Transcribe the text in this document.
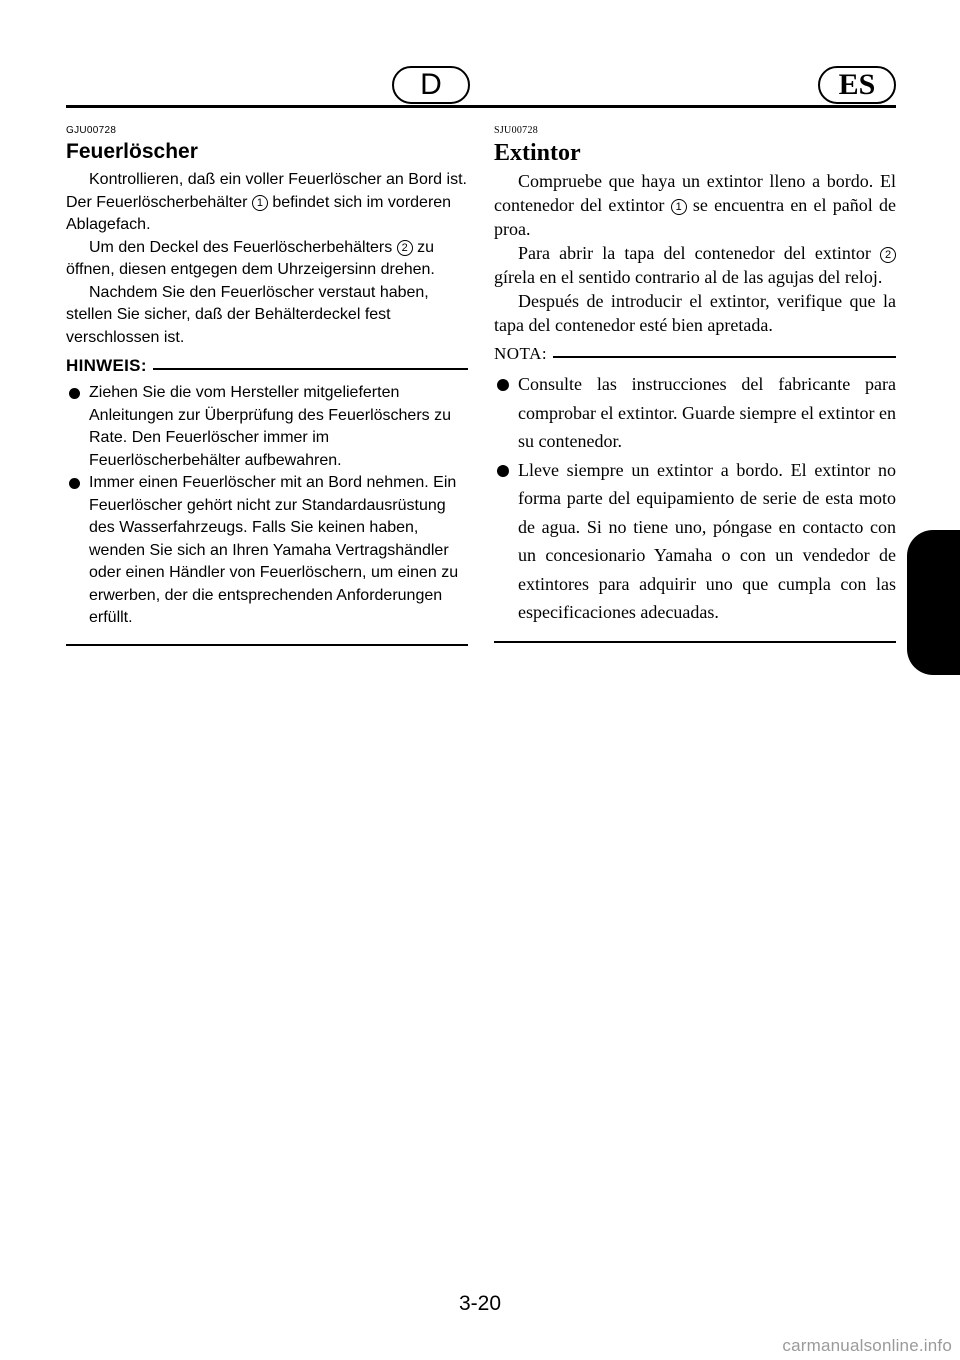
D	ES
GJU00728
Feuerlöscher

Kontrollieren, daß ein voller Feuerlöscher an Bord ist. Der Feuerlöscherbehälter 1 befindet sich im vorderen Ablagefach.

Um den Deckel des Feuerlöscherbehälters 2 zu öffnen, diesen entgegen dem Uhrzeigersinn drehen.

Nachdem Sie den Feuerlöscher verstaut haben, stellen Sie sicher, daß der Behälterdeckel fest verschlossen ist.

HINWEIS:
Ziehen Sie die vom Hersteller mitgelieferten Anleitungen zur Überprüfung des Feuerlöschers zu Rate. Den Feuerlöscher immer im Feuerlöscherbehälter aufbewahren.
Immer einen Feuerlöscher mit an Bord nehmen. Ein Feuerlöscher gehört nicht zur Standardausrüstung des Wasserfahrzeugs. Falls Sie keinen haben, wenden Sie sich an Ihren Yamaha Vertragshändler oder einen Händler von Feuerlöschern, um einen zu erwerben, der die entsprechenden Anforderungen erfüllt.
SJU00728
Extintor

Compruebe que haya un extintor lleno a bordo. El contenedor del extintor 1 se encuentra en el pañol de proa.

Para abrir la tapa del contenedor del extintor 2 gírela en el sentido contrario al de las agujas del reloj.

Después de introducir el extintor, verifique que la tapa del contenedor esté bien apretada.

NOTA:
Consulte las instrucciones del fabricante para comprobar el extintor. Guarde siempre el extintor en su contenedor.
Lleve siempre un extintor a bordo. El extintor no forma parte del equipamiento de serie de esta moto de agua. Si no tiene uno, póngase en contacto con un concesionario Yamaha o con un vendedor de extintores para adquirir uno que cumpla con las especificaciones adecuadas.
3-20
carmanualsonline.info
